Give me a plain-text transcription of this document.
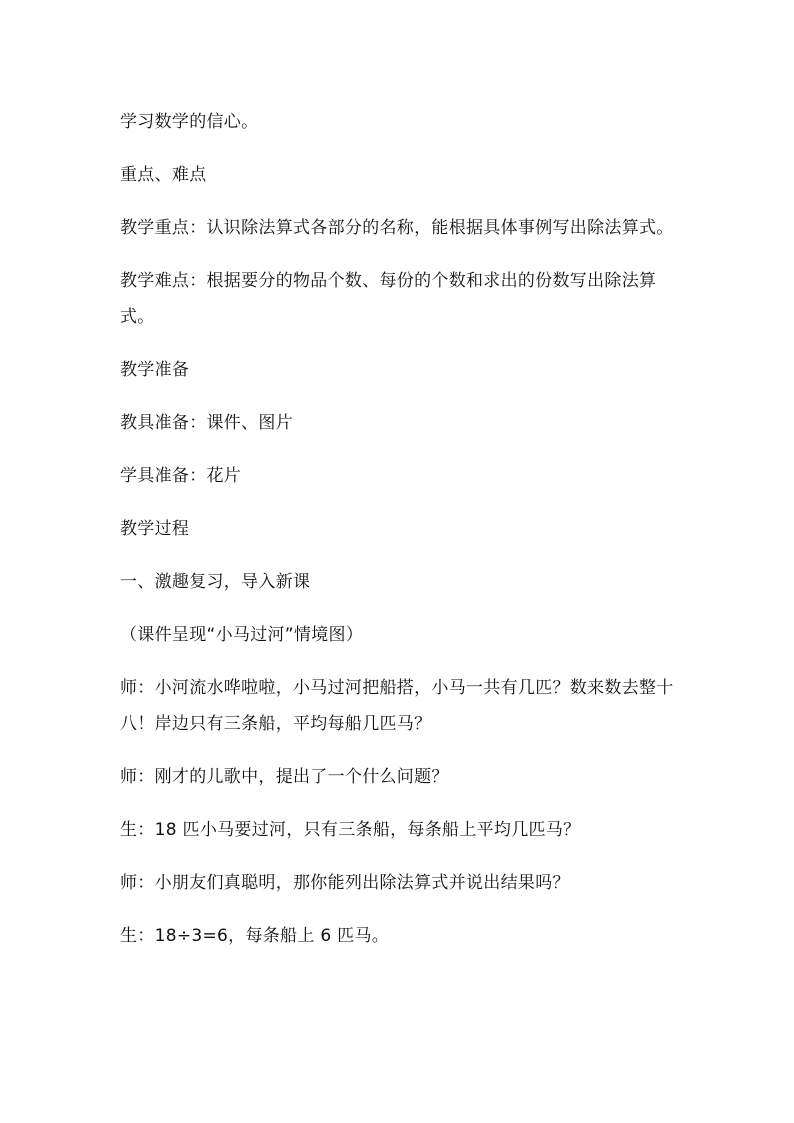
学习数学的信心。

重点、难点

教学重点：认识除法算式各部分的名称，能根据具体事例写出除法算式。

教学难点：根据要分的物品个数、每份的个数和求出的份数写出除法算式。

教学准备

教具准备：课件、图片

学具准备：花片

教学过程

一、激趣复习，导入新课

（课件呈现“小马过河”情境图）

师：小河流水哗啦啦，小马过河把船搭，小马一共有几匹？数来数去整十八！岸边只有三条船，平均每船几匹马？

师：刚才的儿歌中，提出了一个什么问题？

生：18 匹小马要过河，只有三条船，每条船上平均几匹马？

师：小朋友们真聪明，那你能列出除法算式并说出结果吗？

生：18÷3=6，每条船上 6 匹马。
